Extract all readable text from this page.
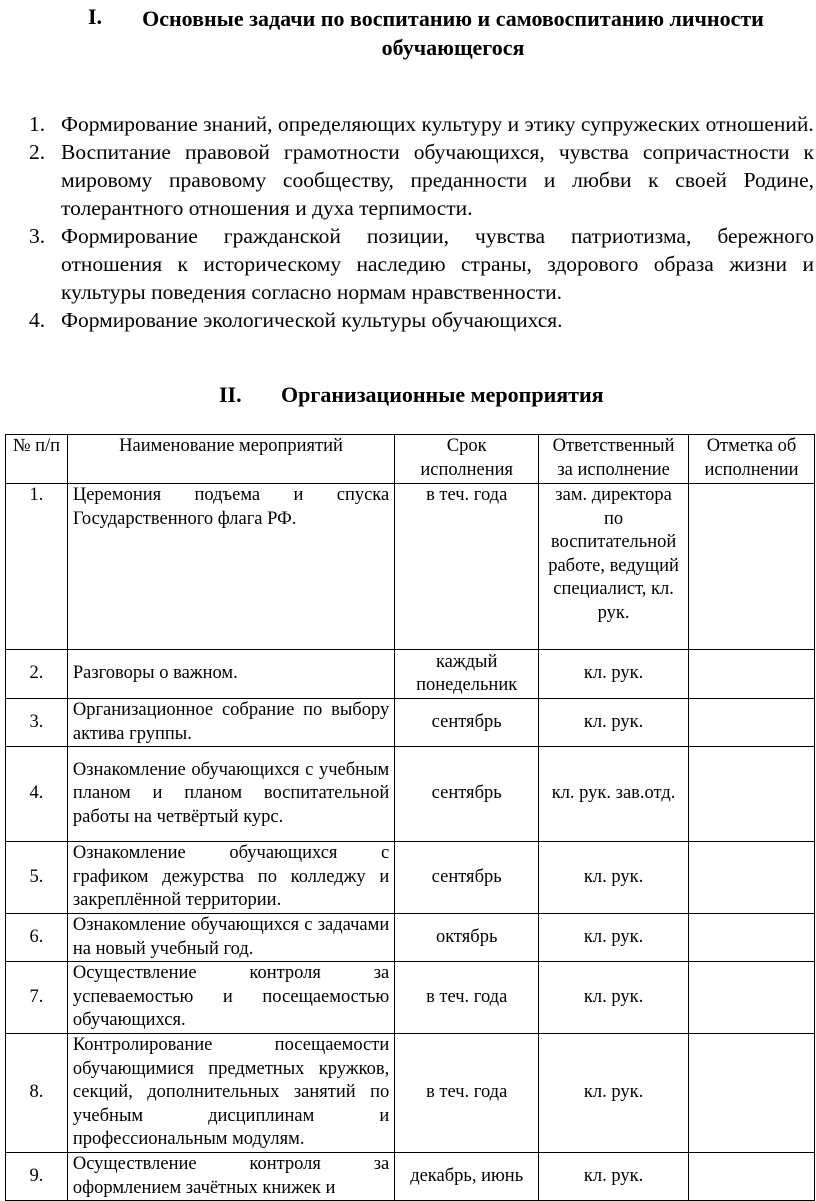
I.	Основные задачи по воспитанию и самовоспитанию личности обучающегося
1. Формирование знаний, определяющих культуру и этику супружеских отношений.
2. Воспитание правовой грамотности обучающихся, чувства сопричастности к мировому правовому сообществу, преданности и любви к своей Родине, толерантного отношения и духа терпимости.
3. Формирование гражданской позиции, чувства патриотизма, бережного отношения к историческому наследию страны, здорового образа жизни и культуры поведения согласно нормам нравственности.
4. Формирование экологической культуры обучающихся.
II. Организационные мероприятия
№ п/п	Наименование мероприятий	Срок исполнения	Ответственный за исполнение	Отметка об исполнении
1.	Церемония подъема и спуска Государственного флага РФ.	в теч. года	зам. директора по воспитательной работе, ведущий специалист, кл. рук.	
2.	Разговоры о важном.	каждый понедельник	кл. рук.	
3.	Организационное собрание по выбору актива группы.	сентябрь	кл. рук.	
4.	Ознакомление обучающихся с учебным планом и планом воспитательной работы на четвёртый курс.	сентябрь	кл. рук. зав.отд.	
5.	Ознакомление обучающихся с графиком дежурства по колледжу и закреплённой территории.	сентябрь	кл. рук.	
6.	Ознакомление обучающихся с задачами на новый учебный год.	октябрь	кл. рук.	
7.	Осуществление контроля за успеваемостью и посещаемостью обучающихся.	в теч. года	кл. рук.	
8.	Контролирование посещаемости обучающимися предметных кружков, секций, дополнительных занятий по учебным дисциплинам и профессиональным модулям.	в теч. года	кл. рук.	
9.	Осуществление контроля за оформлением зачётных книжек и	декабрь, июнь	кл. рук.	
